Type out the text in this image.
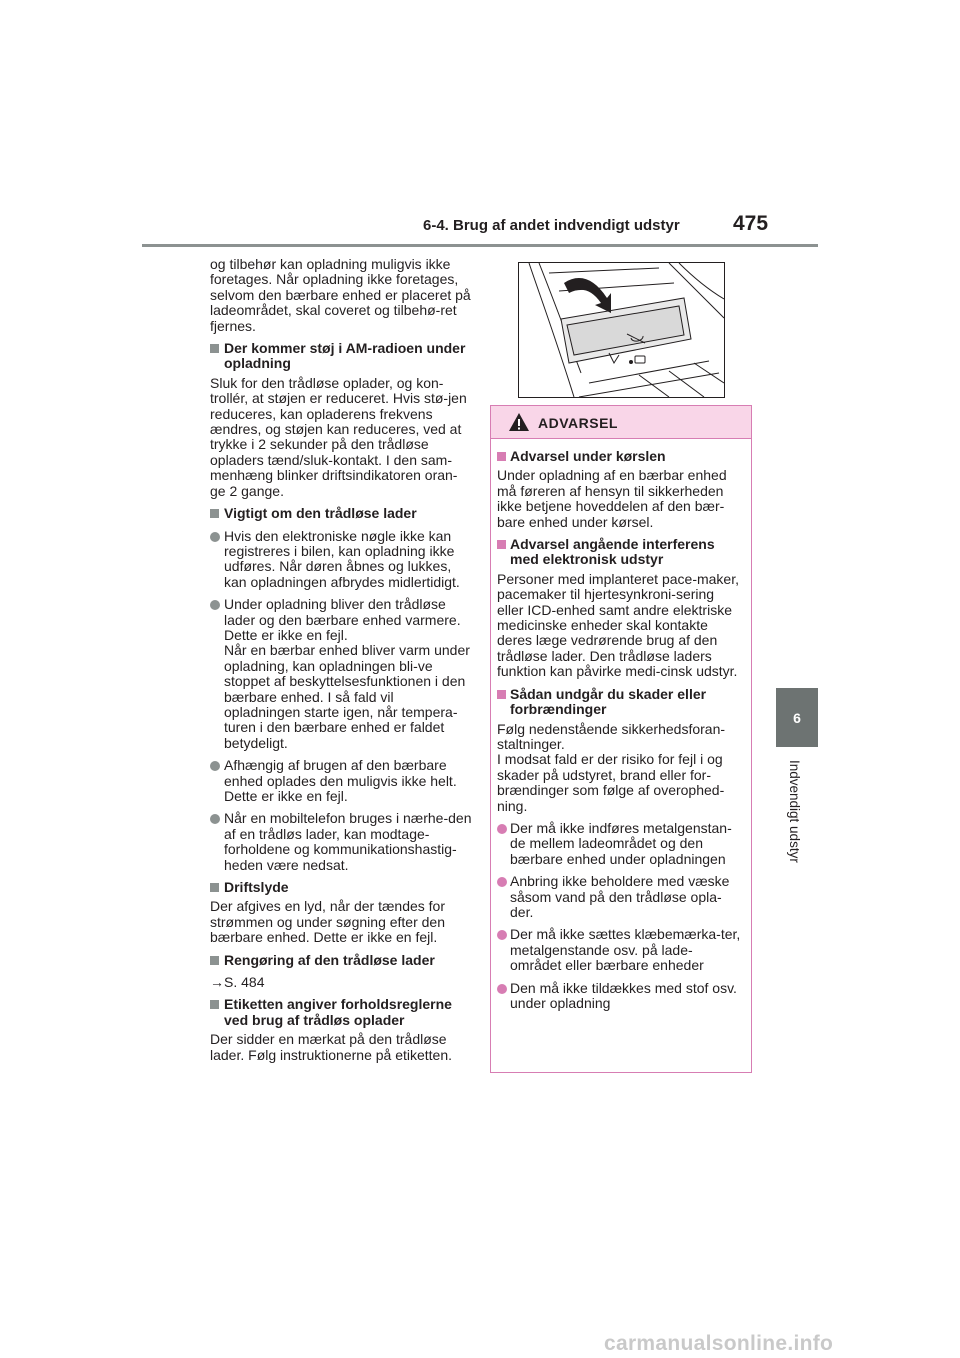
6-4. Brug af andet indvendigt udstyr	475
6
Indvendigt udstyr

og tilbehør kan opladning muligvis ikke foretages. Når opladning ikke foretages, selvom den bærbare enhed er placeret på ladeområdet, skal coveret og tilbehø-ret fjernes.

Der kommer støj i AM-radioen under opladning

Sluk for den trådløse oplader, og kon-trollér, at støjen er reduceret. Hvis stø-jen reduceres, kan opladerens frekvens ændres, og støjen kan reduceres, ved at trykke i 2 sekunder på den trådløse opladers tænd/sluk-kontakt. I den sam-menhæng blinker driftsindikatoren oran-ge 2 gange.

Vigtigt om den trådløse lader

Hvis den elektroniske nøgle ikke kan registreres i bilen, kan opladning ikke udføres. Når døren åbnes og lukkes, kan opladningen afbrydes midlertidigt.

Under opladning bliver den trådløse lader og den bærbare enhed varmere. Dette er ikke en fejl.
Når en bærbar enhed bliver varm under opladning, kan opladningen bli-ve stoppet af beskyttelsesfunktionen i den bærbare enhed. I så fald vil opladningen starte igen, når tempera-turen i den bærbare enhed er faldet betydeligt.

Afhængig af brugen af den bærbare enhed oplades den muligvis ikke helt. Dette er ikke en fejl.

Når en mobiltelefon bruges i nærhe-den af en trådløs lader, kan modtage-forholdene og kommunikationshastig-heden være nedsat.

Driftslyde

Der afgives en lyd, når der tændes for strømmen og under søgning efter den bærbare enhed. Dette er ikke en fejl.

Rengøring af den trådløse lader

→S. 484

Etiketten angiver forholdsreglerne ved brug af trådløs oplader

Der sidder en mærkat på den trådløse lader. Følg instruktionerne på etiketten.

ADVARSEL

Advarsel under kørslen

Under opladning af en bærbar enhed må føreren af hensyn til sikkerheden ikke betjene hoveddelen af den bær-bare enhed under kørsel.

Advarsel angående interferens med elektronisk udstyr

Personer med implanteret pace-maker, pacemaker til hjertesynkroni-sering eller ICD-enhed samt andre elektriske medicinske enheder skal kontakte deres læge vedrørende brug af den trådløse lader. Den trådløse laders funktion kan påvirke medi-cinsk udstyr.

Sådan undgår du skader eller forbrændinger

Følg nedenstående sikkerhedsforan-staltninger.
I modsat fald er der risiko for fejl i og skader på udstyret, brand eller for-brændinger som følge af overophed-ning.

Der må ikke indføres metalgenstan-de mellem ladeområdet og den bærbare enhed under opladningen

Anbring ikke beholdere med væske såsom vand på den trådløse opla-der.

Der må ikke sættes klæbemærka-ter, metalgenstande osv. på lade-området eller bærbare enheder

Den må ikke tildækkes med stof osv. under opladning

carmanualsonline.info
